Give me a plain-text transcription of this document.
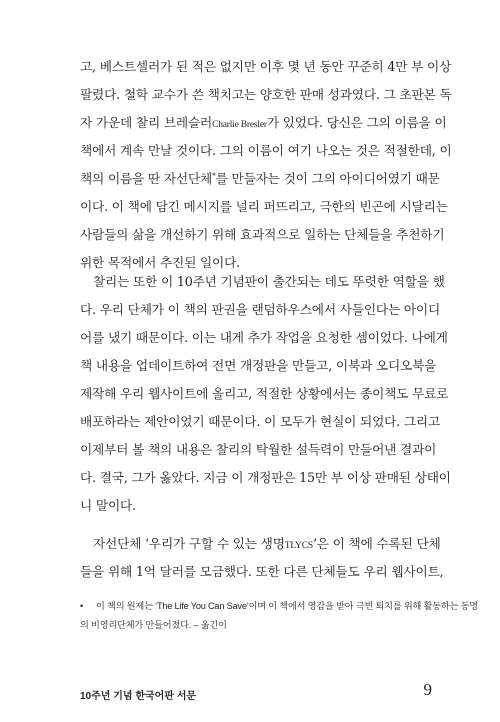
고, 베스트셀러가 된 적은 없지만 이후 몇 년 동안 꾸준히 4만 부 이상
팔렸다. 철학 교수가 쓴 책치고는 양호한 판매 성과였다. 그 초판본 독
자 가운데 찰리 브레슬러Charlie Bresler가 있었다. 당신은 그의 이름을 이
책에서 계속 만날 것이다. 그의 이름이 여기 나오는 것은 적절한데, 이
책의 이름을 딴 자선단체*를 만들자는 것이 그의 아이디어였기 때문
이다. 이 책에 담긴 메시지를 널리 퍼뜨리고, 극한의 빈곤에 시달리는
사람들의 삶을 개선하기 위해 효과적으로 일하는 단체들을 추천하기
위한 목적에서 추진된 일이다.
찰리는 또한 이 10주년 기념판이 출간되는 데도 뚜렷한 역할을 했
다. 우리 단체가 이 책의 판권을 랜덤하우스에서 사들인다는 아이디
어를 냈기 때문이다. 이는 내게 추가 작업을 요청한 셈이었다. 나에게
책 내용을 업데이트하여 전면 개정판을 만들고, 이북과 오디오북을
제작해 우리 웹사이트에 올리고, 적절한 상황에서는 종이책도 무료로
배포하라는 제안이었기 때문이다. 이 모두가 현실이 되었다. 그리고
이제부터 볼 책의 내용은 찰리의 탁월한 설득력이 만들어낸 결과이
다. 결국, 그가 옳았다. 지금 이 개정판은 15만 부 이상 판매된 상태이
니 말이다.
자선단체 ‘우리가 구할 수 있는 생명TLYCS’은 이 책에 수록된 단체
들을 위해 1억 달러를 모금했다. 또한 다른 단체들도 우리 웹사이트,
• 이 책의 원제는 ‘The Life You Can Save’이며 이 책에서 영감을 받아 극빈 퇴치를 위해 활동하는 동명
의 비영리단체가 만들어졌다. – 옮긴이
10주년 기념 한국어판 서문	9
